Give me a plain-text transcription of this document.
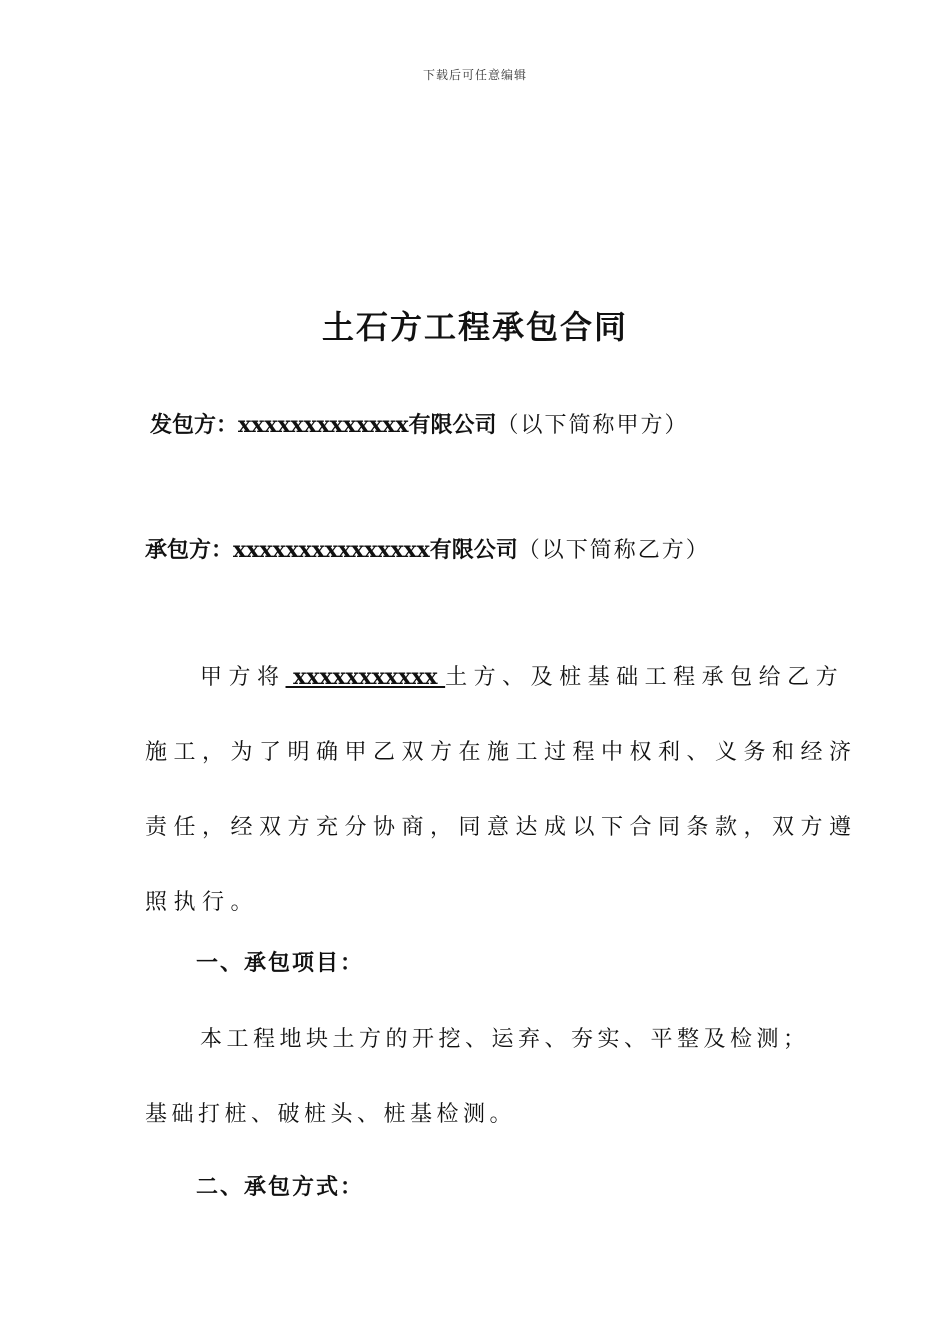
下载后可任意编辑
土石方工程承包合同
发包方：xxxxxxxxxxxxx有限公司（以下简称甲方）
承包方：xxxxxxxxxxxxxxx有限公司（以下简称乙方）
甲方将 xxxxxxxxxxx 土方、及桩基础工程承包给乙方
施工，为了明确甲乙双方在施工过程中权利、义务和经济
责任，经双方充分协商，同意达成以下合同条款，双方遵
照执行。
一、承包项目：
本工程地块土方的开挖、运弃、夯实、平整及检测；
基础打桩、破桩头、桩基检测。
二、承包方式：
